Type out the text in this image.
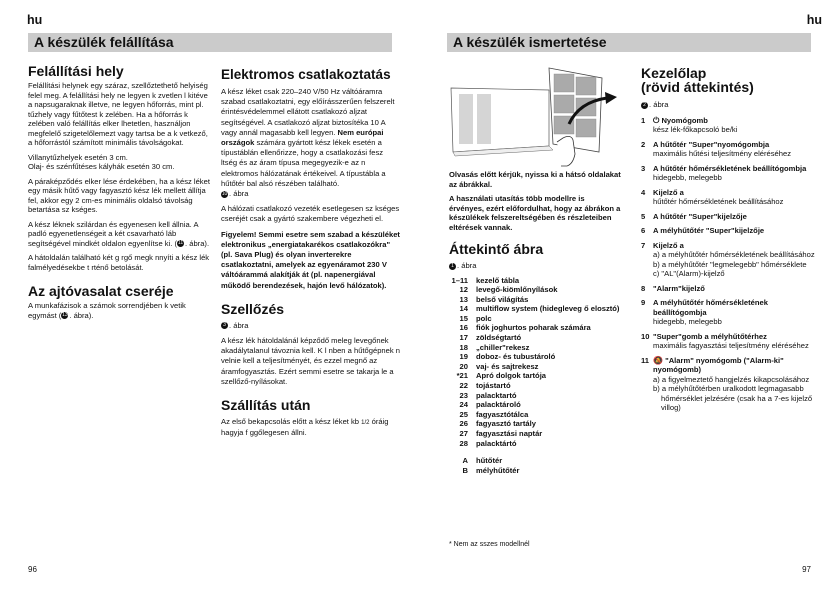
hu	hu
A készülék felállítása	A készülék ismertetése
Felállítási hely

Felállítási helynek egy száraz, szellőztethető helyiség felel meg. A felállítási hely ne legyen k zvetlen l kitéve a napsugaraknak illetve, ne legyen hőforrás, mint pl. tűzhely vagy fűtőtest k zelében. Ha a hőforrás k zelében való felállítás elker lhetetlen, használjon megfelelő szigetelőlemezt vagy tartsa be a k vetkező, a hőforrástól számított minimális távolságokat.

Villanytűzhelyek esetén 3 cm.
Olaj- és szénfűtéses kályhák esetén 30 cm.

A páraképződés elker lése érdekében, ha a kész léket egy másik hűtő vagy fagyasztó kész lék mellett állítja fel, akkor egy 2 cm-es minimális oldalsó távolság betartása sz kséges.

A kész léknek szilárdan és egyenesen kell állnia. A padló egyenetlenségeit a két csavarható láb segítségével mindkét oldalon egyenlítse ki. (11 . ábra).

A hátoldalán található két g rgő megk nnyíti a kész lék falmélyedésekbe t rténő betolását.

Az ajtóvasalat cseréje

A munkafázisok a számok sorrendjében k vetik egymást (13 . ábra).

Elektromos csatlakoztatás

A kész léket csak 220–240 V/50 Hz váltóáramra szabad csatlakoztatni, egy előírásszerűen felszerelt érintésvédelemmel ellátott csatlakozó aljzat segítségével. A csatlakozó aljzat biztosítéka 10 A vagy annál magasabb kell legyen. Nem európai országok számára gyártott kész lékek esetén a típustáblán ellenőrizze, hogy a csatlakozási fesz ltség és az áram típusa megegyezik-e az n elektromos hálózatának értékeivel. A típustábla a hűtőtér bal alsó részében található.
10 . ábra

A hálózati csatlakozó vezeték esetlegesen sz kséges cseréjét csak a gyártó szakembere végezheti el.

Figyelem! Semmi esetre sem szabad a készüléket elektronikus „energiatakarékos csatlakozókra" (pl. Sava Plug) és olyan inverterekre csatlakoztatni, amelyek az egyenáramot 230 V váltóárammá alakítják át (pl. napenergiával működő berendezések, hajón levő hálózatok).

Szellőzés

3 . ábra

A kész lék hátoldalánál képződő meleg levegőnek akadálytalanul távoznia kell. K l nben a hűtőgépnek n velnie kell a teljesítményét, és ezzel megnő az áramfogyasztás. Ezért semmi esetre se takarja le a szellőző-nyílásokat.

Szállítás után

Az első bekapcsolás előtt a kész léket kb 1/2 óráig hagyja f ggőlegesen állni.

Olvasás előtt kérjük, nyissa ki a hátsó oldalakat az ábrákkal.

A használati utasítás több modellre is érvényes, ezért előfordulhat, hogy az ábrákon a készülékek felszereltségében és részleteiben eltérések vannak.

Áttekintő ábra

1 . ábra

1–11	kezelő tábla
12	levegő-kiömlőnyílások
13	belső világítás
14	multiflow system (hidegleveg ő elosztó)
15	polc
16	fiók joghurtos poharak számára
17	zöldségtartó
18	„chiller"rekesz
19	doboz- és tubustároló
20	vaj- és sajtrekesz
*21	Apró dolgok tartója
22	tojástartó
23	palacktartó
24	palacktároló
25	fagyasztótálca
26	fagyasztó tartály
27	fagyasztási naptár
28	palacktártó
A	hűtőtér
B	mélyhűtőtér
Kezelőlap
(rövid áttekintés)

2 . ábra

1 ⏻ Nyomógomb
kész lék-főkapcsoló be/ki
2	A hűtőtér "Super"nyomógombja
maximális hűtési teljesítmény eléréséhez
3	A hűtőtér hőmérsékletének beállítógombja
hidegebb, melegebb
4	Kijelző a
hűtőtér hőmérsékletének beállításához
5	A hűtőtér "Super"kijelzője
6	A mélyhűtőtér "Super"kijelzője
7	Kijelző a
a) a mélyhűtőtér hőmérsékletének beállításához
b) a mélyhűtőtér "legmelegebb" hőmérséklete
c) "AL"(Alarm)-kijelző
8	"Alarm"kijelző
9	A mélyhűtőtér hőmérsékletének beállítógombja
hidegebb, melegebb
10 "Super"gomb a mélyhűtőtérhez
maximális fagyasztási teljesítmény eléréséhez
11 🔕 "Alarm" nyomógomb ("Alarm-ki" nyomógomb)
a) a figyelmeztető hangjelzés kikapcsolásához
b) a mélyhűtőtérben uralkodott legmagasabb hőmérséklet jelzésére (csak ha a 7-es kijelző villog)
* Nem az sszes modellnél
96	97
